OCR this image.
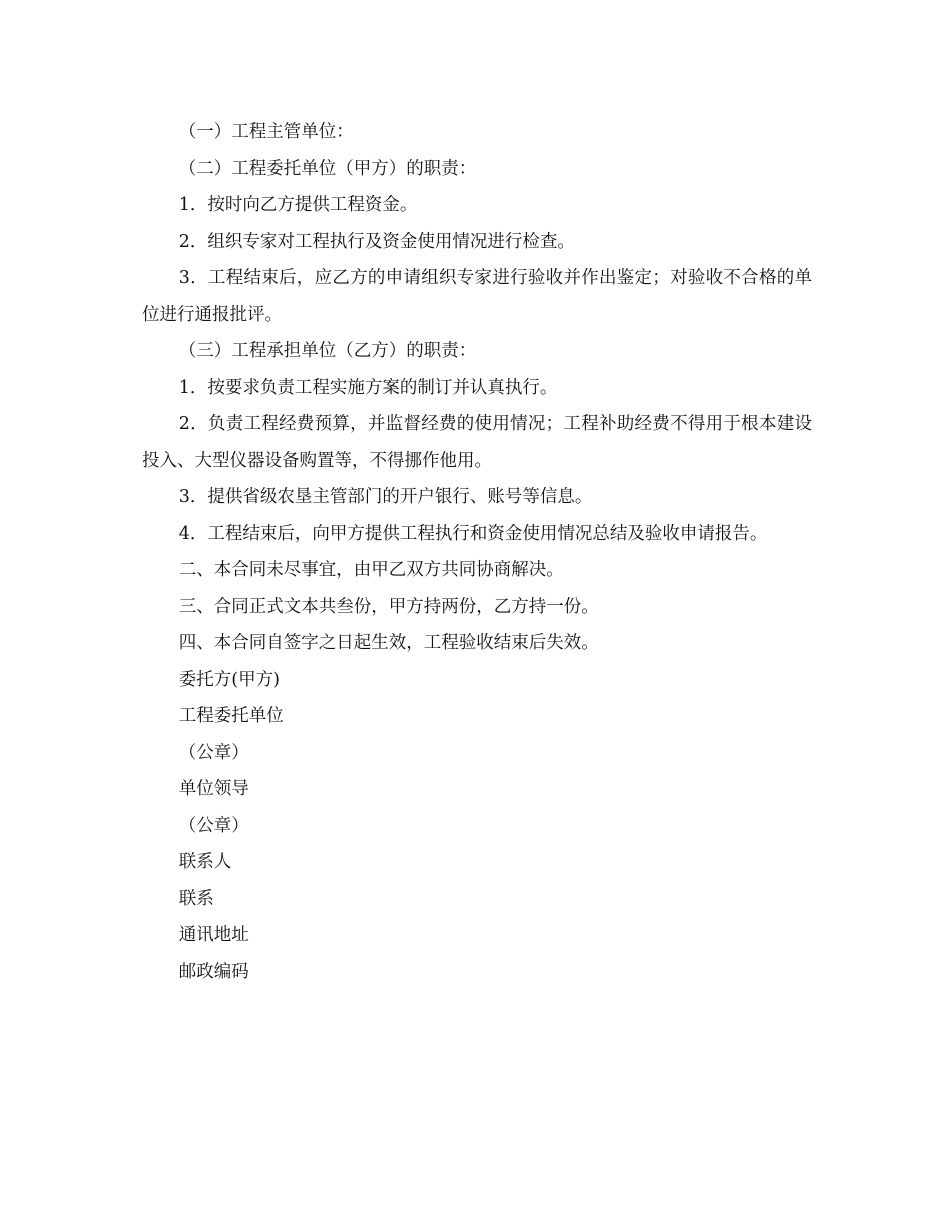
（一）工程主管单位：

（二）工程委托单位（甲方）的职责：

1．按时向乙方提供工程资金。

2．组织专家对工程执行及资金使用情况进行检查。

3．工程结束后，应乙方的申请组织专家进行验收并作出鉴定；对验收不合格的单位进行通报批评。

（三）工程承担单位（乙方）的职责：

1．按要求负责工程实施方案的制订并认真执行。

2．负责工程经费预算，并监督经费的使用情况；工程补助经费不得用于根本建设投入、大型仪器设备购置等，不得挪作他用。

3．提供省级农垦主管部门的开户银行、账号等信息。

4．工程结束后，向甲方提供工程执行和资金使用情况总结及验收申请报告。

二、本合同未尽事宜，由甲乙双方共同协商解决。

三、合同正式文本共叁份，甲方持两份，乙方持一份。

四、本合同自签字之日起生效，工程验收结束后失效。

委托方(甲方)

工程委托单位

（公章）

单位领导

（公章）

联系人

联系

通讯地址

邮政编码
